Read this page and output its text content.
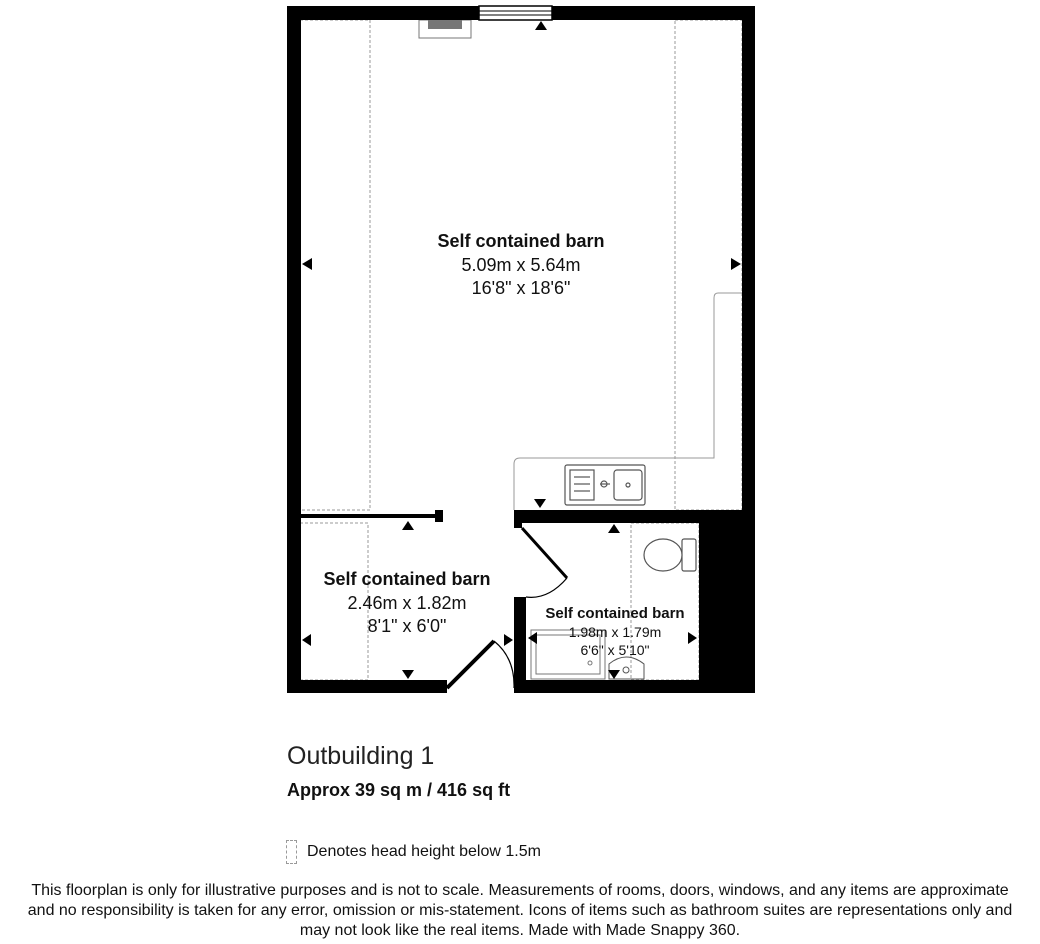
Self contained barn
5.09m x 5.64m
16'8" x 18'6"
Self contained barn
2.46m x 1.82m
8'1" x 6'0"
Self contained barn
1.98m x 1.79m
6'6" x 5'10"
Outbuilding 1
Approx 39 sq m / 416 sq ft
Denotes head height below 1.5m
This floorplan is only for illustrative purposes and is not to scale. Measurements of rooms, doors, windows, and any items are approximate
and no responsibility is taken for any error, omission or mis-statement. Icons of items such as bathroom suites are representations only and
may not look like the real items. Made with Made Snappy 360.
